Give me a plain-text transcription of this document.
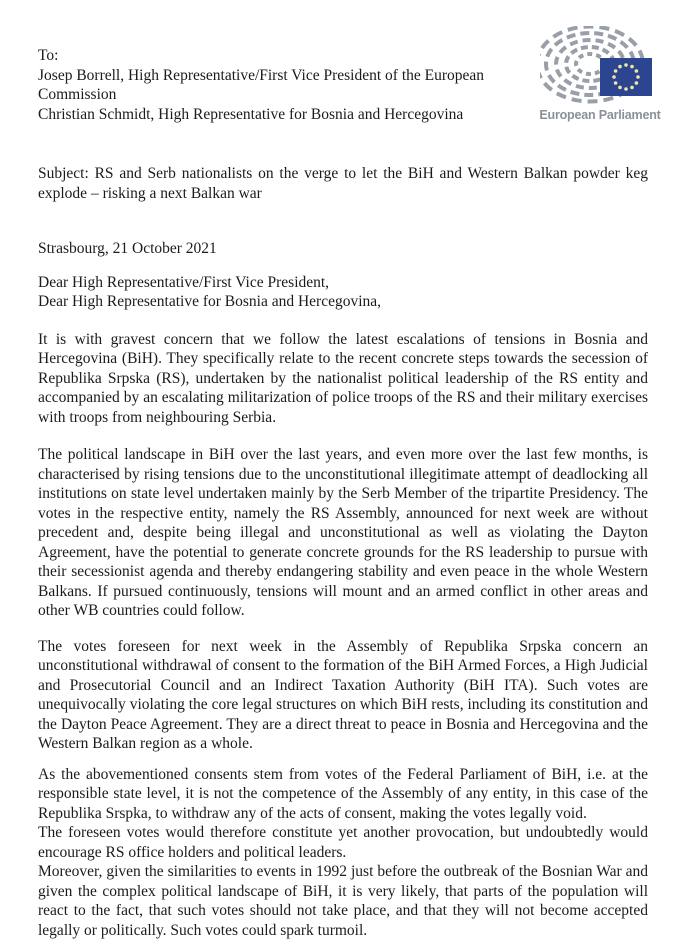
European Parliament
To:
Josep Borrell, High Representative/First Vice President of the European Commission
Christian Schmidt, High Representative for Bosnia and Hercegovina
Subject: RS and Serb nationalists on the verge to let the BiH and Western Balkan powder keg explode – risking a next Balkan war
Strasbourg, 21 October 2021
Dear High Representative/First Vice President,
Dear High Representative for Bosnia and Hercegovina,

It is with gravest concern that we follow the latest escalations of tensions in Bosnia and Hercegovina (BiH). They specifically relate to the recent concrete steps towards the secession of Republika Srpska (RS), undertaken by the nationalist political leadership of the RS entity and accompanied by an escalating militarization of police troops of the RS and their military exercises with troops from neighbouring Serbia.

The political landscape in BiH over the last years, and even more over the last few months, is characterised by rising tensions due to the unconstitutional illegitimate attempt of deadlocking all institutions on state level undertaken mainly by the Serb Member of the tripartite Presidency. The votes in the respective entity, namely the RS Assembly, announced for next week are without precedent and, despite being illegal and unconstitutional as well as violating the Dayton Agreement, have the potential to generate concrete grounds for the RS leadership to pursue with their secessionist agenda and thereby endangering stability and even peace in the whole Western Balkans. If pursued continuously, tensions will mount and an armed conflict in other areas and other WB countries could follow.

The votes foreseen for next week in the Assembly of Republika Srpska concern an unconstitutional withdrawal of consent to the formation of the BiH Armed Forces, a High Judicial and Prosecutorial Council and an Indirect Taxation Authority (BiH ITA). Such votes are unequivocally violating the core legal structures on which BiH rests, including its constitution and the Dayton Peace Agreement. They are a direct threat to peace in Bosnia and Hercegovina and the Western Balkan region as a whole.

As the abovementioned consents stem from votes of the Federal Parliament of BiH, i.e. at the responsible state level, it is not the competence of the Assembly of any entity, in this case of the Republika Srspka, to withdraw any of the acts of consent, making the votes legally void.
The foreseen votes would therefore constitute yet another provocation, but undoubtedly would encourage RS office holders and political leaders.
Moreover, given the similarities to events in 1992 just before the outbreak of the Bosnian War and given the complex political landscape of BiH, it is very likely, that parts of the population will react to the fact, that such votes should not take place, and that they will not become accepted legally or politically. Such votes could spark turmoil.
